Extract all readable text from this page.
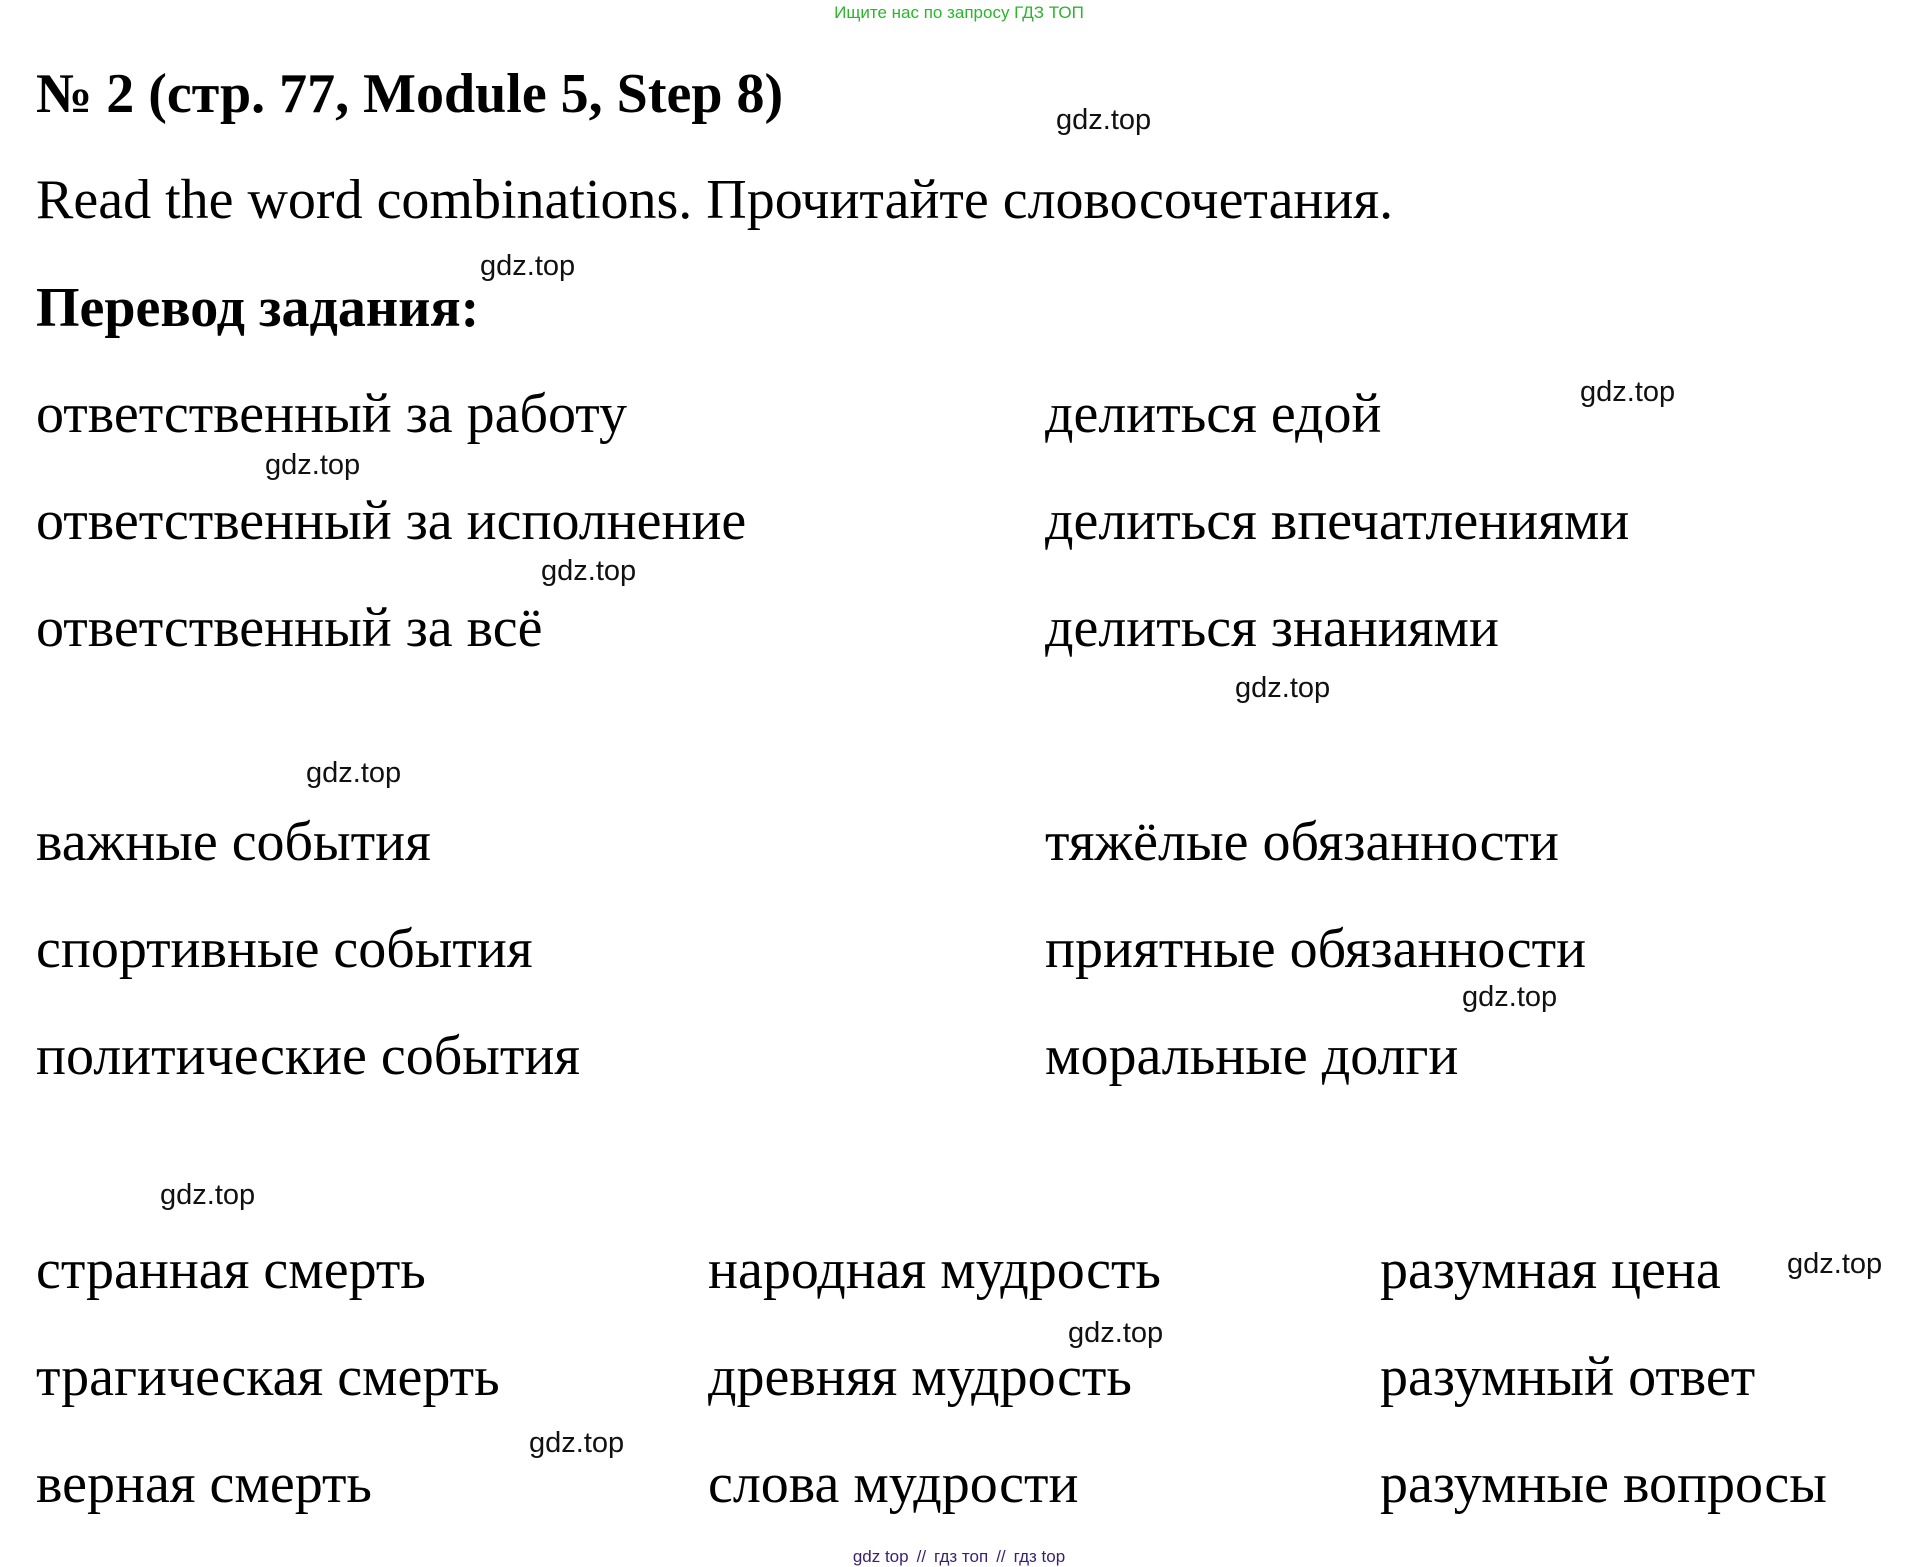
Ищите нас по запросу ГДЗ ТОП
№ 2 (стр. 77, Module 5, Step 8)
Read the word combinations. Прочитайте словосочетания.
Перевод задания:
ответственный за работу
ответственный за исполнение
ответственный за всё
делиться едой
делиться впечатлениями
делиться знаниями
важные события
спортивные события
политические события
тяжёлые обязанности
приятные обязанности
моральные долги
странная смерть
трагическая смерть
верная смерть
народная мудрость
древняя мудрость
слова мудрости
разумная цена
разумный ответ
разумные вопросы
gdz.top
gdz.top
gdz.top
gdz.top
gdz.top
gdz.top
gdz.top
gdz.top
gdz.top
gdz.top
gdz.top
gdz.top
gdz top // гдз топ // гдз top
